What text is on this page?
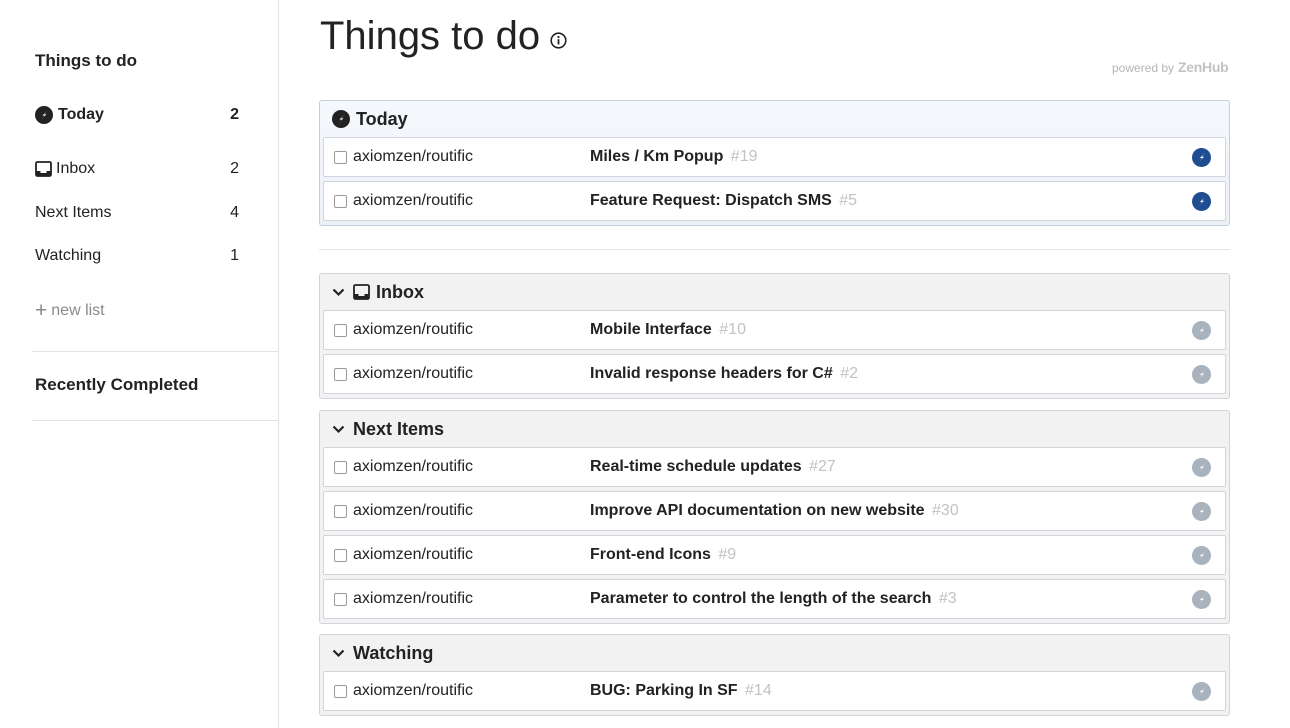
Things to do
Today	2
Inbox	2
Next Items	4
Watching	1
+ new list
Recently Completed
Things to do
powered by ZenHub
Today
axiomzen/routific	Miles / Km Popup #19
axiomzen/routific	Feature Request: Dispatch SMS #5
Inbox
axiomzen/routific	Mobile Interface #10
axiomzen/routific	Invalid response headers for C# #2
Next Items
axiomzen/routific	Real-time schedule updates #27
axiomzen/routific	Improve API documentation on new website #30
axiomzen/routific	Front-end Icons #9
axiomzen/routific	Parameter to control the length of the search #3
Watching
axiomzen/routific	BUG: Parking In SF #14
